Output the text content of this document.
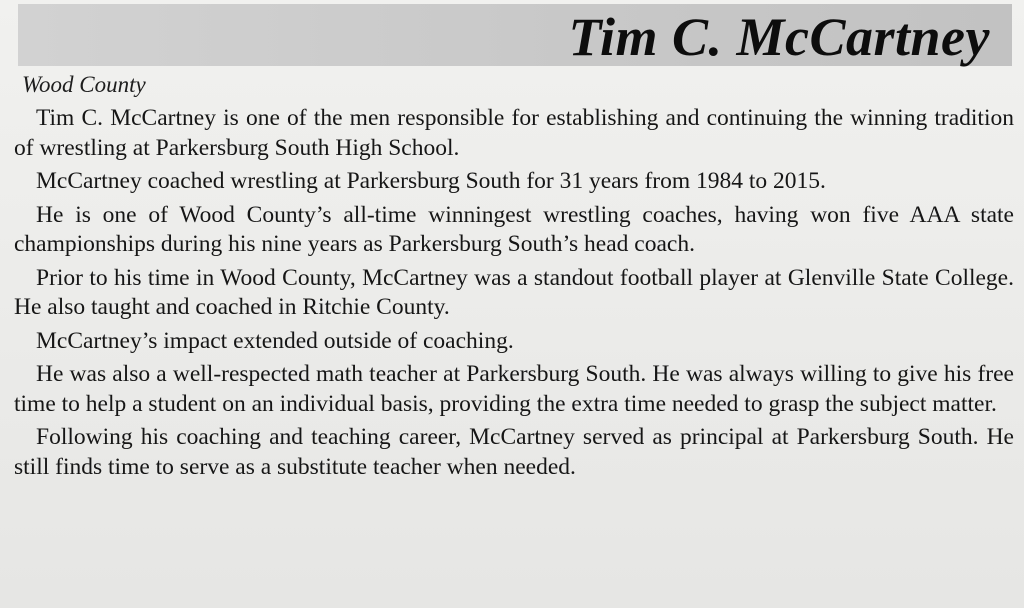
Tim C. McCartney
Wood County

Tim C. McCartney is one of the men responsible for establishing and continuing the winning tradition of wrestling at Parkersburg South High School.

McCartney coached wrestling at Parkersburg South for 31 years from 1984 to 2015.

He is one of Wood County’s all-time winningest wrestling coaches, having won five AAA state championships during his nine years as Parkersburg South’s head coach.

Prior to his time in Wood County, McCartney was a standout football player at Glenville State College. He also taught and coached in Ritchie County.

McCartney’s impact extended outside of coaching.

He was also a well-respected math teacher at Parkersburg South. He was always willing to give his free time to help a student on an individual basis, providing the extra time needed to grasp the subject matter.

Following his coaching and teaching career, McCartney served as principal at Parkersburg South. He still finds time to serve as a substitute teacher when needed.
